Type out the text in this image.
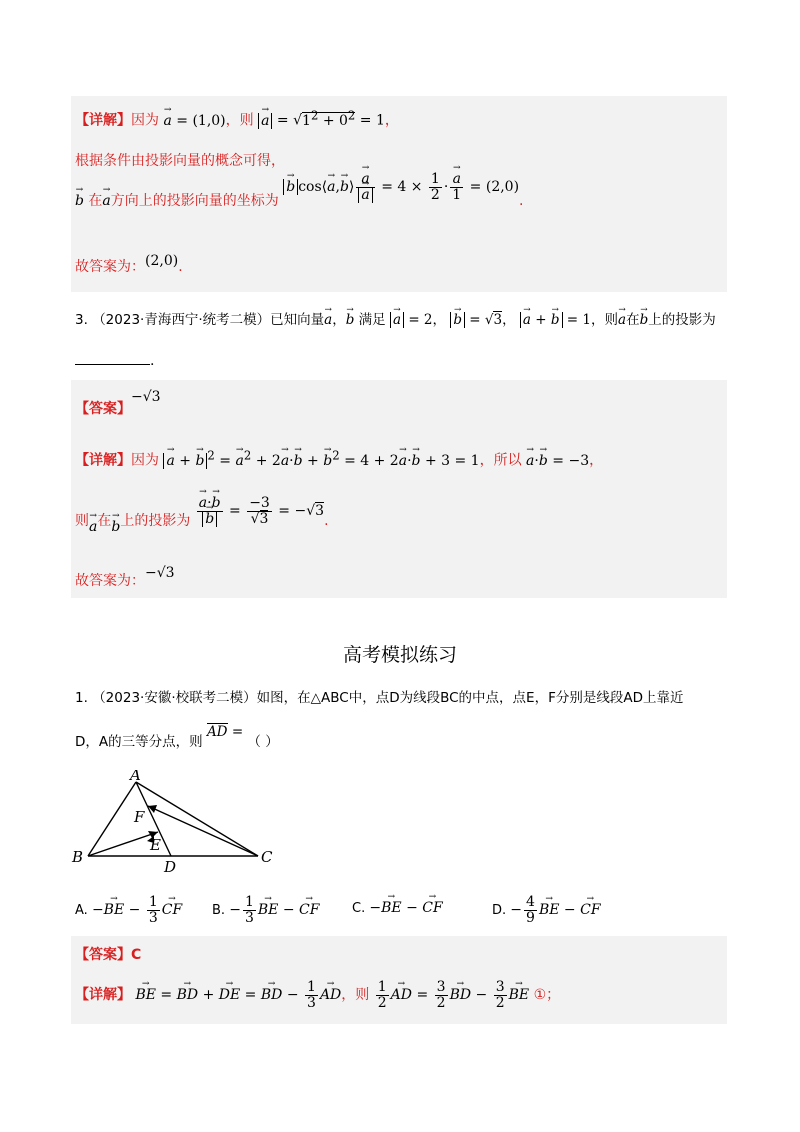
【详解】因为 → a = (1,0)，则 → $a = √1^2 + 0^2 = 1$，
根据条件由投影向量的概念可得，
→ b 在→ a方向上的投影向量的坐标为 → b cos⟨→ a,→ b⟩ → a
→ $a = 4 \times \frac{1}{2}$ · → $\frac{a}{1} = (2,0)$.
故答案为：(2,0).
3. （2023·青海西宁·统考二模）已知向量→ a，→ b 满足 → a = 2， → b = √3， → a + → b = 1，则→ a在→ b上的投影为
.
【答案】−√3
【详解】因为 → a + → b $^2$ = → $a^2 + 2\to a\cdot\to b$ + → $b^2 = 4 + 2\to a\cdot\to b + 3 = 1$，所以 → a·→ b = −3，
则→ a在→ b上的投影为 → a·→ b
→ $b = \frac{-3}{√3} = -√3$.
故答案为：−√3
高考模拟练习
1. （2023·安徽·校联考二模）如图，在△ABC中，点D为线段BC的中点，点E，F分别是线段AD上靠近
D，A的三等分点，则 AD = （ ）
A
B	C
D
E
F
A. −→ BE − $\frac{1}{3}$ → CF B. − $\frac{1}{3}$ → BE − → CF	C. −→ BE − → CF	D. − $\frac{4}{9}$ → BE − → CF
【答案】C
【详解】 → BE = → BD + → DE = → BD − $\frac{1}{3}$ → AD，则 $\frac{1}{2}$ → AD = $\frac{3}{2}$ → BD − $\frac{3}{2}$ → BE ①；
